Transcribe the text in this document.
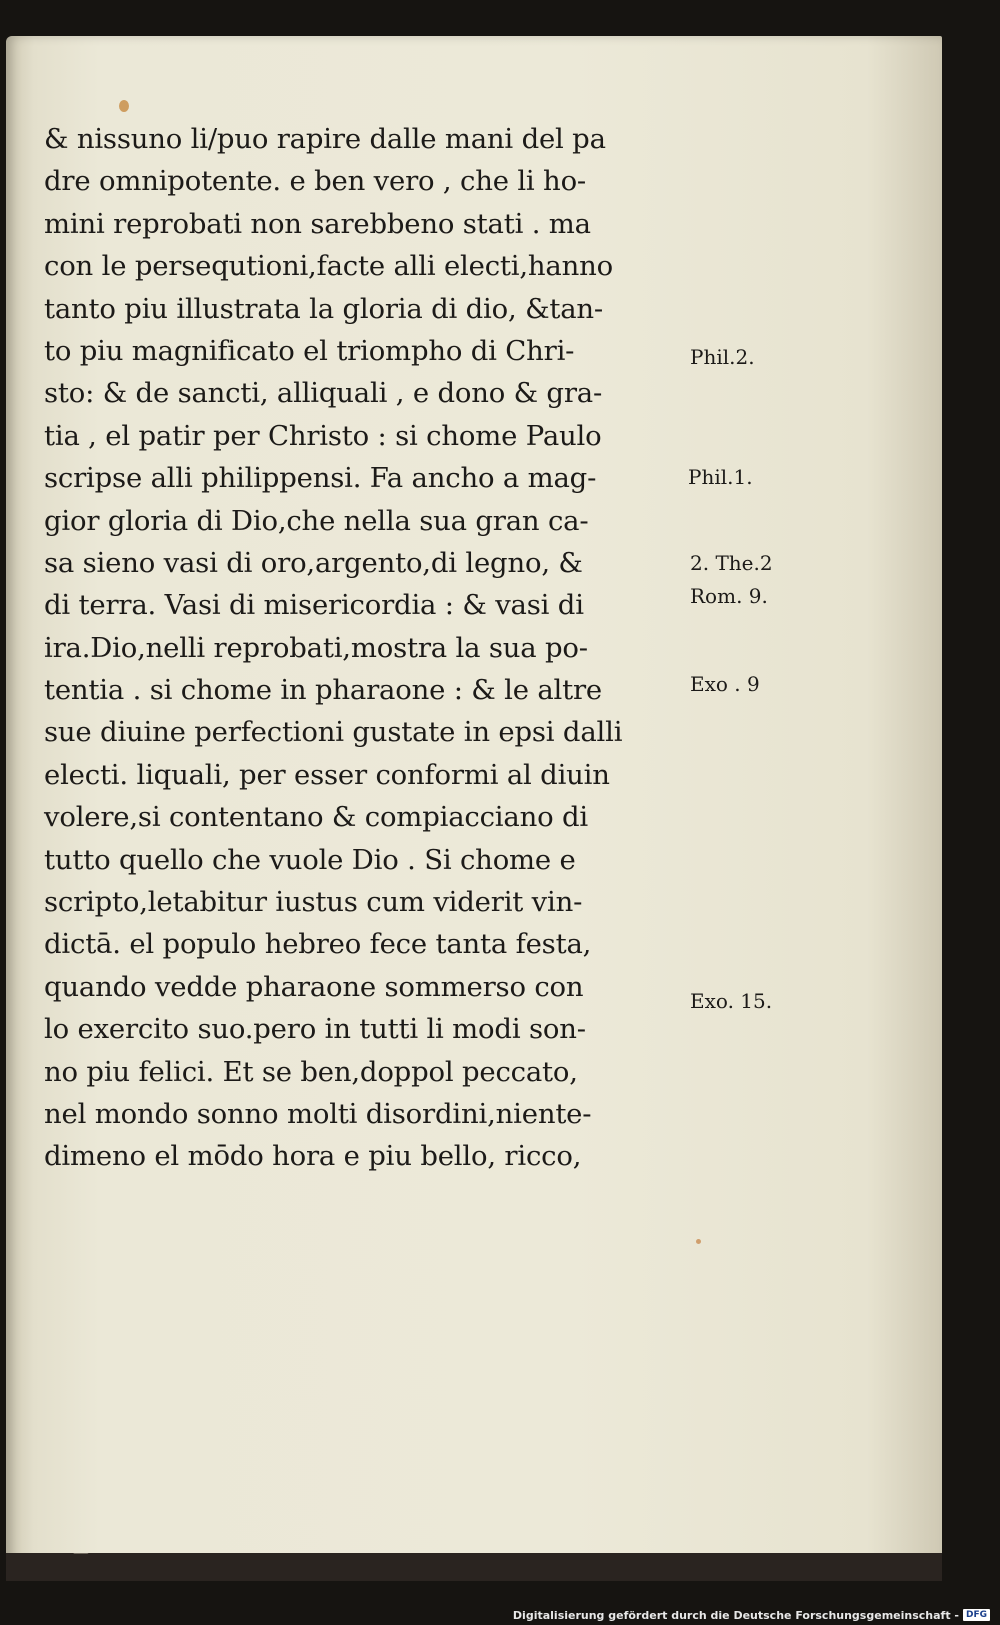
& nissuno li/puo rapire dalle mani del pa
dre omnipotente. e ben vero , che li ho-
mini reprobati non sarebbeno stati . ma
con le persequtioni,facte alli electi,hanno
tanto piu illustrata la gloria di dio, &tan-
to piu magnificato el triompho di Chri-
sto: & de sancti, alliquali , e dono & gra-
tia , el patir per Christo : si chome Paulo
scripse alli philippensi. Fa ancho a mag-
gior gloria di Dio,che nella sua gran ca-
sa sieno vasi di oro,argento,di legno, &
di terra. Vasi di misericordia : & vasi di
ira.Dio,nelli reprobati,mostra la sua po-
tentia . si chome in pharaone : & le altre
sue diuine perfectioni gustate in epsi dalli
electi. liquali, per esser conformi al diuin
volere,si contentano & compiacciano di
tutto quello che vuole Dio . Si chome e
scripto,letabitur iustus cum viderit vin-
dictā. el populo hebreo fece tanta festa,
quando vedde pharaone sommerso con
lo exercito suo.pero in tutti li modi son-
no piu felici. Et se ben,doppol peccato,
nel mondo sonno molti disordini,niente-
dimeno el mōdo hora e piu bello, ricco,
Phil.2.
Phil.1.
2. The.2
Rom. 9.
Exo . 9
Exo. 15.
Digitalisierung gefördert durch die Deutsche Forschungsgemeinschaft - DFG
